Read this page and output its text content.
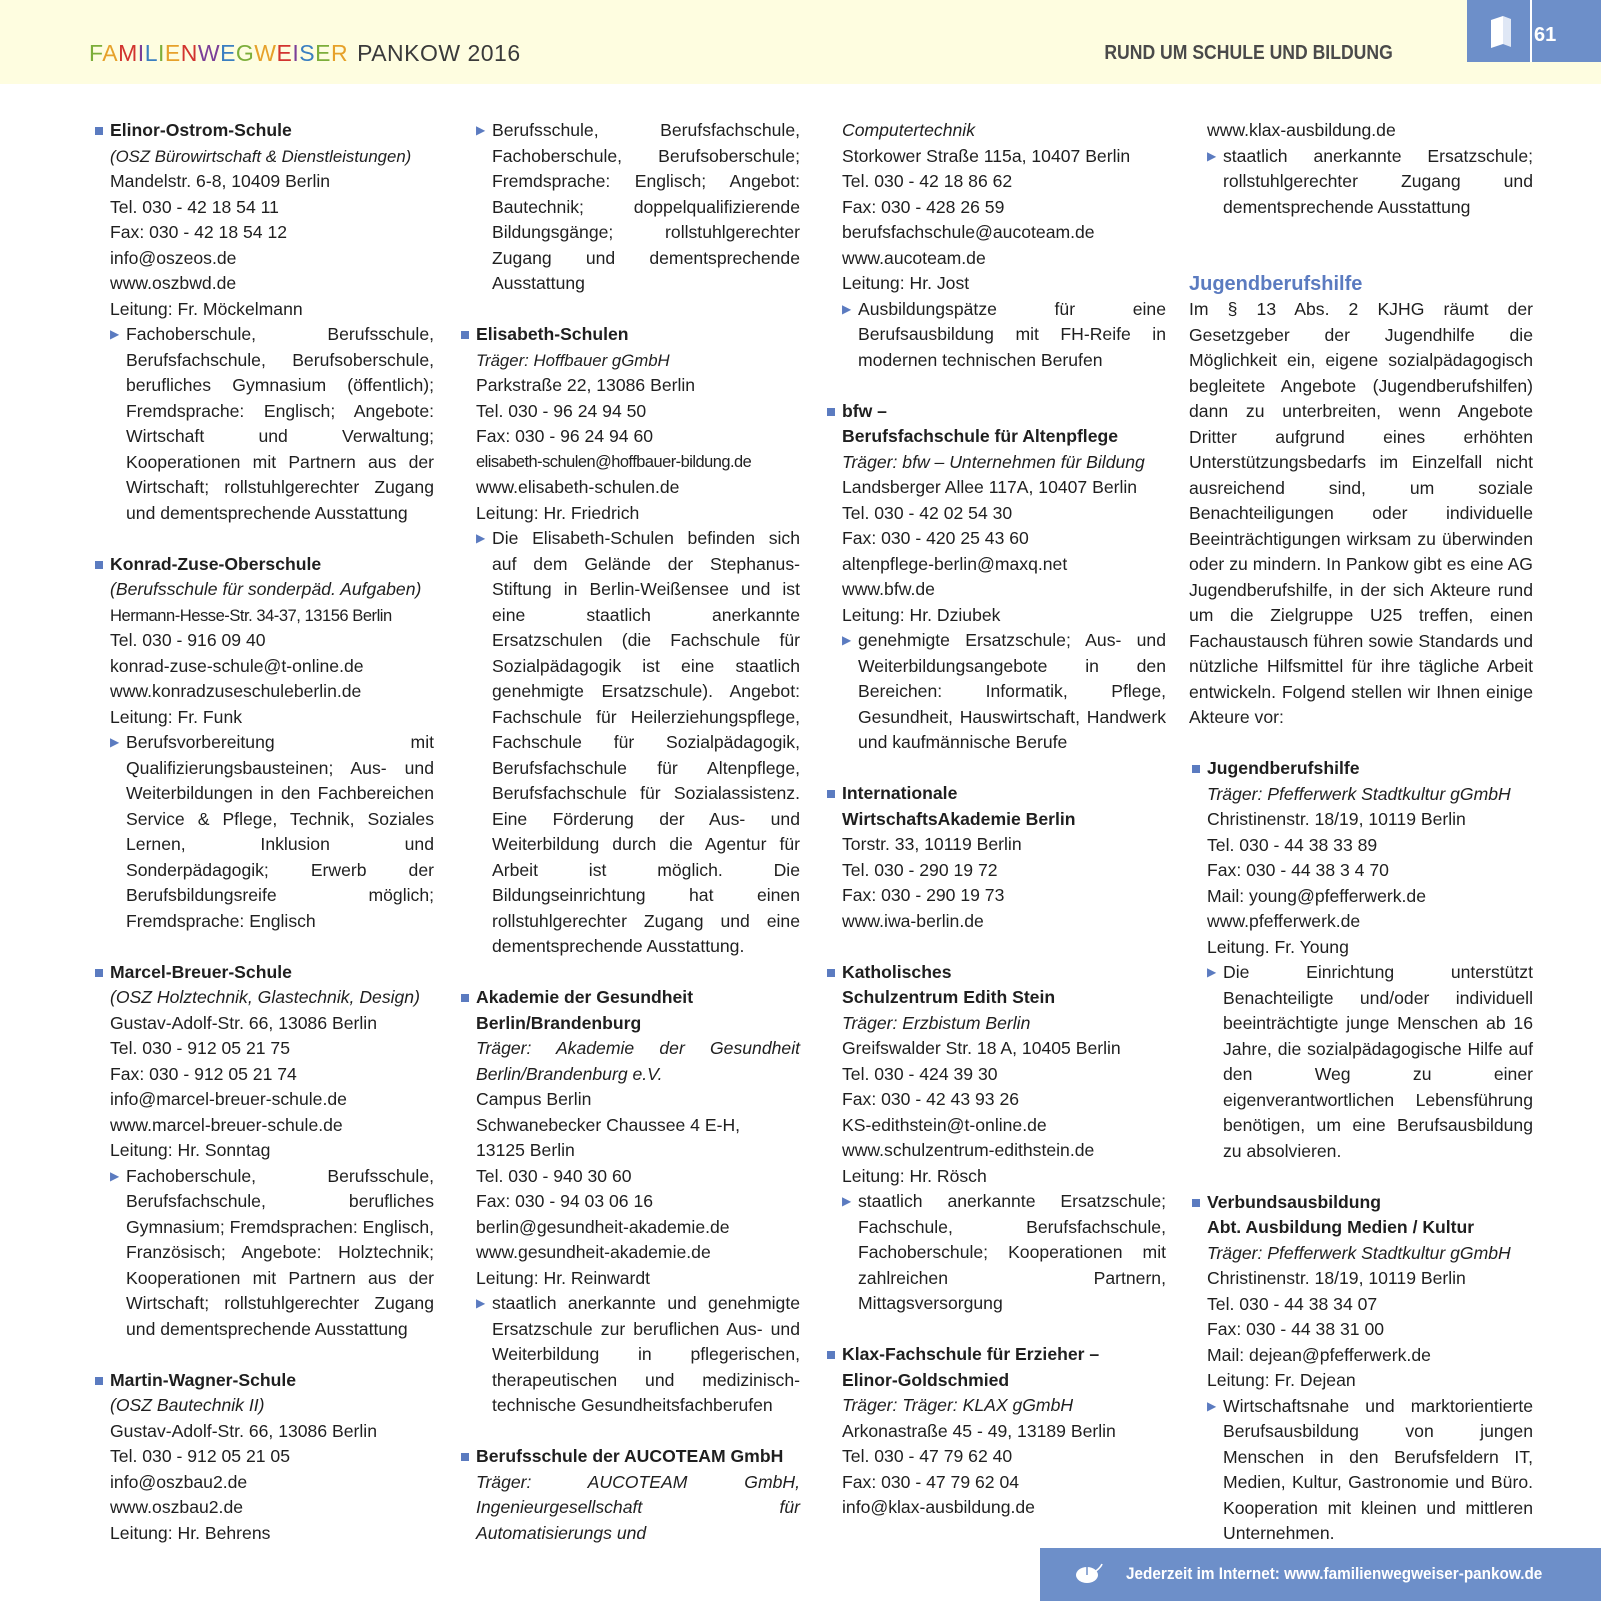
FAMILIENWEGWEISER PANKOW 2016	RUND UM SCHULE UND BILDUNG
61
Elinor-Ostrom-Schule
(OSZ Bürowirtschaft & Dienstleistungen)
Mandelstr. 6-8, 10409 Berlin
Tel. 030 - 42 18 54 11
Fax: 030 - 42 18 54 12
info@oszeos.de
www.oszbwd.de
Leitung: Fr. Möckelmann
▶ Fachoberschule, Berufsschule, Berufsfachschule, Berufsoberschule, berufliches Gymnasium (öffentlich); Fremdsprache: Englisch; Angebote: Wirtschaft und Verwaltung; Kooperationen mit Partnern aus der Wirtschaft; rollstuhlgerechter Zugang und dementsprechende Ausstattung
Konrad-Zuse-Oberschule
(Berufsschule für sonderpäd. Aufgaben)
Hermann-Hesse-Str. 34-37, 13156 Berlin
Tel. 030 - 916 09 40
konrad-zuse-schule@t-online.de
www.konradzuseschuleberlin.de
Leitung: Fr. Funk
▶ Berufsvorbereitung mit Qualifizierungsbausteinen; Aus- und Weiterbildungen in den Fachbereichen Service & Pflege, Technik, Soziales Lernen, Inklusion und Sonderpädagogik; Erwerb der Berufsbildungsreife möglich; Fremdsprache: Englisch
Marcel-Breuer-Schule
(OSZ Holztechnik, Glastechnik, Design)
Gustav-Adolf-Str. 66, 13086 Berlin
Tel. 030 - 912 05 21 75
Fax: 030 - 912 05 21 74
info@marcel-breuer-schule.de
www.marcel-breuer-schule.de
Leitung: Hr. Sonntag
▶ Fachoberschule, Berufsschule, Berufsfachschule, berufliches Gymnasium; Fremdsprachen: Englisch, Französisch; Angebote: Holztechnik; Kooperationen mit Partnern aus der Wirtschaft; rollstuhlgerechter Zugang und dementsprechende Ausstattung
Martin-Wagner-Schule
(OSZ Bautechnik II)
Gustav-Adolf-Str. 66, 13086 Berlin
Tel. 030 - 912 05 21 05
info@oszbau2.de
www.oszbau2.de
Leitung: Hr. Behrens
▶ Berufsschule, Berufsfachschule, Fachoberschule, Berufsoberschule; Fremdsprache: Englisch; Angebot: Bautechnik; doppelqualifizierende Bildungsgänge; rollstuhlgerechter Zugang und dementsprechende Ausstattung
Elisabeth-Schulen
Träger: Hoffbauer gGmbH
Parkstraße 22, 13086 Berlin
Tel. 030 - 96 24 94 50
Fax: 030 - 96 24 94 60
elisabeth-schulen@hoffbauer-bildung.de
www.elisabeth-schulen.de
Leitung: Hr. Friedrich
▶ Die Elisabeth-Schulen befinden sich auf dem Gelände der Stephanus-Stiftung in Berlin-Weißensee und ist eine staatlich anerkannte Ersatzschulen (die Fachschule für Sozialpädagogik ist eine staatlich genehmigte Ersatzschule). Angebot: Fachschule für Heilerziehungspflege, Fachschule für Sozialpädagogik, Berufsfachschule für Altenpflege, Berufsfachschule für Sozialassistenz. Eine Förderung der Aus- und Weiterbildung durch die Agentur für Arbeit ist möglich. Die Bildungseinrichtung hat einen rollstuhlgerechter Zugang und eine dementsprechende Ausstattung.
Akademie der Gesundheit
Berlin/Brandenburg
Träger: Akademie der Gesundheit Berlin/Brandenburg e.V.
Campus Berlin
Schwanebecker Chaussee 4 E-H,
13125 Berlin
Tel. 030 - 940 30 60
Fax: 030 - 94 03 06 16
berlin@gesundheit-akademie.de
www.gesundheit-akademie.de
Leitung: Hr. Reinwardt
▶ staatlich anerkannte und genehmigte Ersatzschule zur beruflichen Aus- und Weiterbildung in pflegerischen, therapeutischen und medizinisch-technische Gesundheitsfachberufen
Berufsschule der AUCOTEAM GmbH
Träger: AUCOTEAM GmbH, Ingenieurgesellschaft für Automatisierungs und
Computertechnik
Storkower Straße 115a, 10407 Berlin
Tel. 030 - 42 18 86 62
Fax: 030 - 428 26 59
berufsfachschule@aucoteam.de
www.aucoteam.de
Leitung: Hr. Jost
▶ Ausbildungspätze für eine Berufsausbildung mit FH-Reife in modernen technischen Berufen
bfw –
Berufsfachschule für Altenpflege
Träger: bfw – Unternehmen für Bildung
Landsberger Allee 117A, 10407 Berlin
Tel. 030 - 42 02 54 30
Fax: 030 - 420 25 43 60
altenpflege-berlin@maxq.net
www.bfw.de
Leitung: Hr. Dziubek
▶ genehmigte Ersatzschule; Aus- und Weiterbildungsangebote in den Bereichen: Informatik, Pflege, Gesundheit, Hauswirtschaft, Handwerk und kaufmännische Berufe
Internationale
WirtschaftsAkademie Berlin
Torstr. 33, 10119 Berlin
Tel. 030 - 290 19 72
Fax: 030 - 290 19 73
www.iwa-berlin.de
Katholisches
Schulzentrum Edith Stein
Träger: Erzbistum Berlin
Greifswalder Str. 18 A, 10405 Berlin
Tel. 030 - 424 39 30
Fax: 030 - 42 43 93 26
KS-edithstein@t-online.de
www.schulzentrum-edithstein.de
Leitung: Hr. Rösch
▶ staatlich anerkannte Ersatzschule; Fachschule, Berufsfachschule, Fachoberschule; Kooperationen mit zahlreichen Partnern, Mittagsversorgung
Klax-Fachschule für Erzieher –
Elinor-Goldschmied
Träger: Träger: KLAX gGmbH
Arkonastraße 45 - 49, 13189 Berlin
Tel. 030 - 47 79 62 40
Fax: 030 - 47 79 62 04
info@klax-ausbildung.de
www.klax-ausbildung.de
▶ staatlich anerkannte Ersatzschule; rollstuhlgerechter Zugang und dementsprechende Ausstattung
Jugendberufshilfe
Im § 13 Abs. 2 KJHG räumt der Gesetzgeber der Jugendhilfe die Möglichkeit ein, eigene sozialpädagogisch begleitete Angebote (Jugendberufshilfen) dann zu unterbreiten, wenn Angebote Dritter aufgrund eines erhöhten Unterstützungsbedarfs im Einzelfall nicht ausreichend sind, um soziale Benachteiligungen oder individuelle Beeinträchtigungen wirksam zu überwinden oder zu mindern. In Pankow gibt es eine AG Jugendberufshilfe, in der sich Akteure rund um die Zielgruppe U25 treffen, einen Fachaustausch führen sowie Standards und nützliche Hilfsmittel für ihre tägliche Arbeit entwickeln. Folgend stellen wir Ihnen einige Akteure vor:
Jugendberufshilfe
Träger: Pfefferwerk Stadtkultur gGmbH
Christinenstr. 18/19, 10119 Berlin
Tel. 030 - 44 38 33 89
Fax: 030 - 44 38 3 4 70
Mail: young@pfefferwerk.de
www.pfefferwerk.de
Leitung. Fr. Young
▶ Die Einrichtung unterstützt Benachteiligte und/oder individuell beeinträchtigte junge Menschen ab 16 Jahre, die sozialpädagogische Hilfe auf den Weg zu einer eigenverantwortlichen Lebensführung benötigen, um eine Berufsausbildung zu absolvieren.
Verbundsausbildung
Abt. Ausbildung Medien / Kultur
Träger: Pfefferwerk Stadtkultur gGmbH
Christinenstr. 18/19, 10119 Berlin
Tel. 030 - 44 38 34 07
Fax: 030 - 44 38 31 00
Mail: dejean@pfefferwerk.de
Leitung: Fr. Dejean
▶ Wirtschaftsnahe und marktorientierte Berufsausbildung von jungen Menschen in den Berufsfeldern IT, Medien, Kultur, Gastronomie und Büro. Kooperation mit kleinen und mittleren Unternehmen.
Jederzeit im Internet: www.familienwegweiser-pankow.de
